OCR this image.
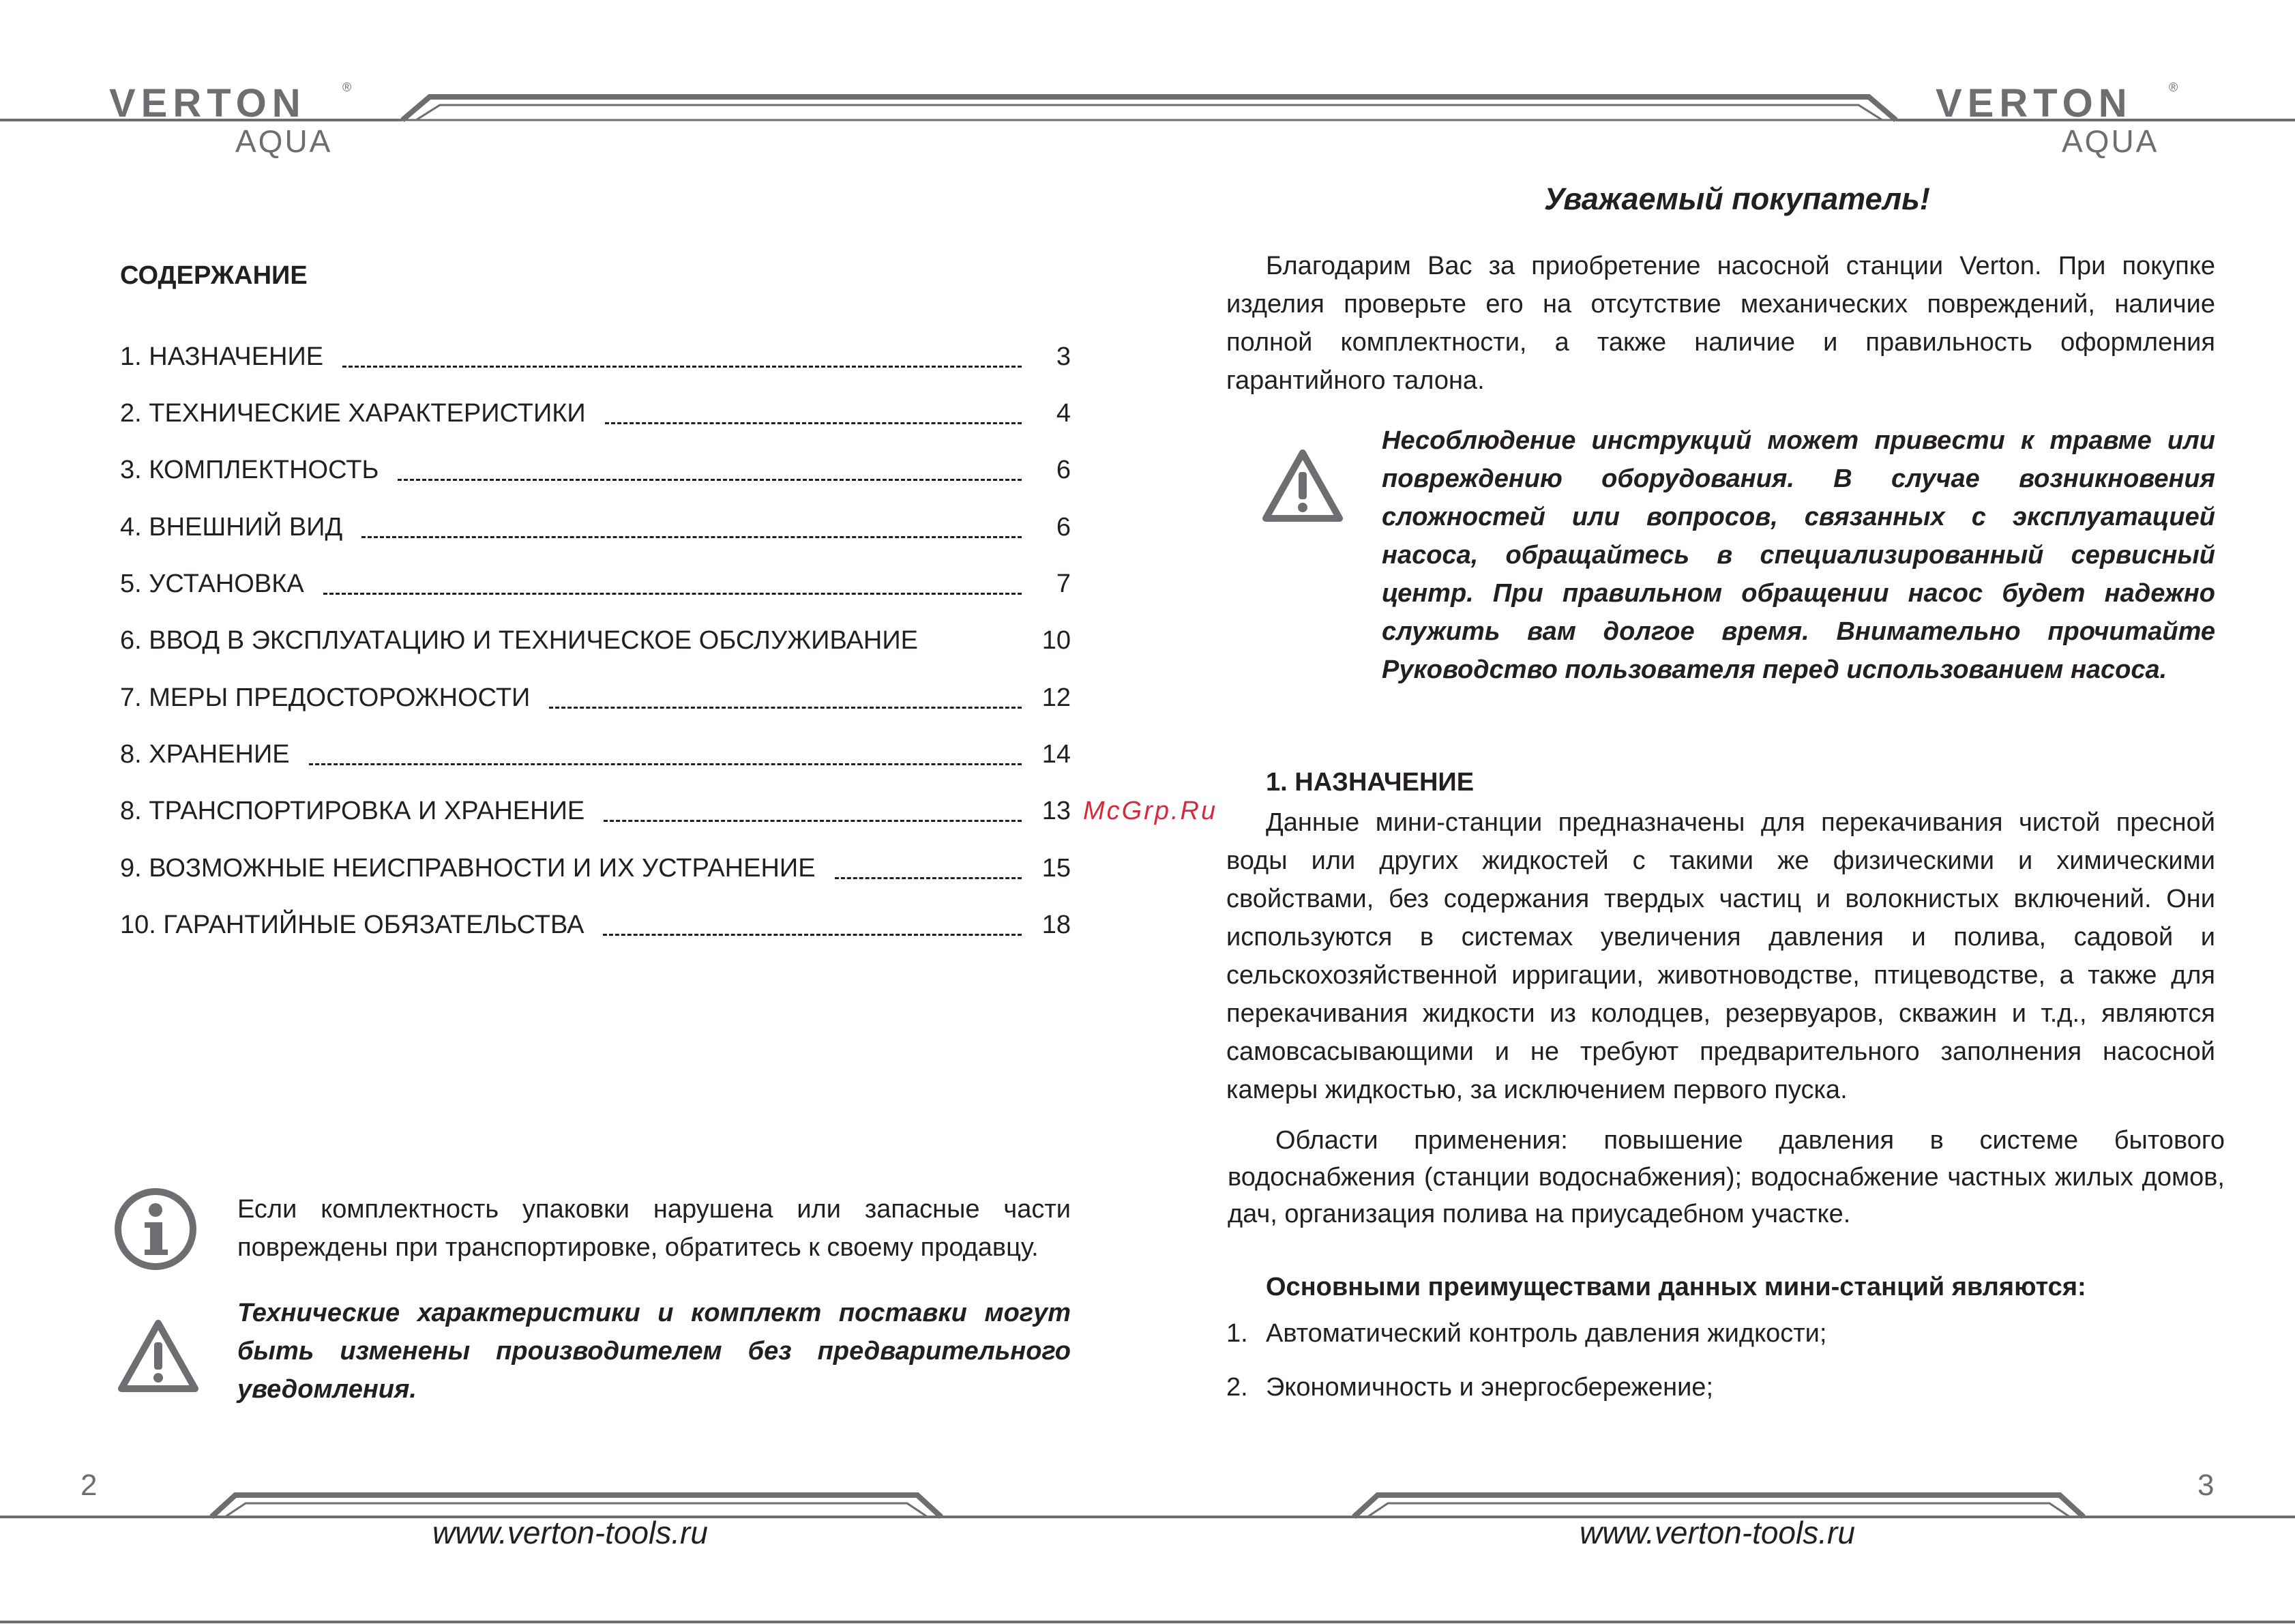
VERTON	®
AQUA
VERTON	®
AQUA
СОДЕРЖАНИЕ
1. НАЗНАЧЕНИЕ	3
2. ТЕХНИЧЕСКИЕ ХАРАКТЕРИСТИКИ	4
3. КОМПЛЕКТНОСТЬ	6
4. ВНЕШНИЙ ВИД	6
5. УСТАНОВКА	7
6. ВВОД В ЭКСПЛУАТАЦИЮ И ТЕХНИЧЕСКОЕ ОБСЛУЖИВАНИЕ	10
7. МЕРЫ ПРЕДОСТОРОЖНОСТИ	12
8. ХРАНЕНИЕ	14
8. ТРАНСПОРТИРОВКА И ХРАНЕНИЕ	13
9. ВОЗМОЖНЫЕ НЕИСПРАВНОСТИ И ИХ УСТРАНЕНИЕ	15
10. ГАРАНТИЙНЫЕ ОБЯЗАТЕЛЬСТВА	18
Если комплектность упаковки нарушена или запасные части повреждены при транспортировке, обратитесь к своему продавцу.
Технические характеристики и комплект поставки могут быть изменены производителем без предварительного уведомления.
2
www.verton-tools.ru
McGrp.Ru
Уважаемый покупатель!
Благодарим Вас за приобретение насосной станции Verton. При покупке изделия проверьте его на отсутствие механических повреждений, наличие полной комплектности, а также наличие и правильность оформления гарантийного талона.
Несоблюдение инструкций может привести к травме или повреждению оборудования. В случае возникновения сложностей или вопросов, связанных с эксплуатацией насоса, обращайтесь в специализированный сервисный центр. При правильном обращении насос будет надежно служить вам долгое время. Внимательно прочитайте Руководство пользователя перед использованием насоса.
1. НАЗНАЧЕНИЕ
Данные мини-станции предназначены для перекачивания чистой пресной воды или других жидкостей с такими же физическими и химическими свойствами, без содержания твердых частиц и волокнистых включений. Они используются в системах увеличения давления и полива, садовой и сельскохозяйственной ирригации, животноводстве, птицеводстве, а также для перекачивания жидкости из колодцев, резервуаров, скважин и т.д., являются самовсасывающими и не требуют предварительного заполнения насосной камеры жидкостью, за исключением первого пуска.
Области применения: повышение давления в системе бытового водоснабжения (станции водоснабжения); водоснабжение частных жилых домов, дач, организация полива на приусадебном участке.
Основными преимуществами данных мини-станций являются:
1. Автоматический контроль давления жидкости;
2. Экономичность и энергосбережение;
3
www.verton-tools.ru
